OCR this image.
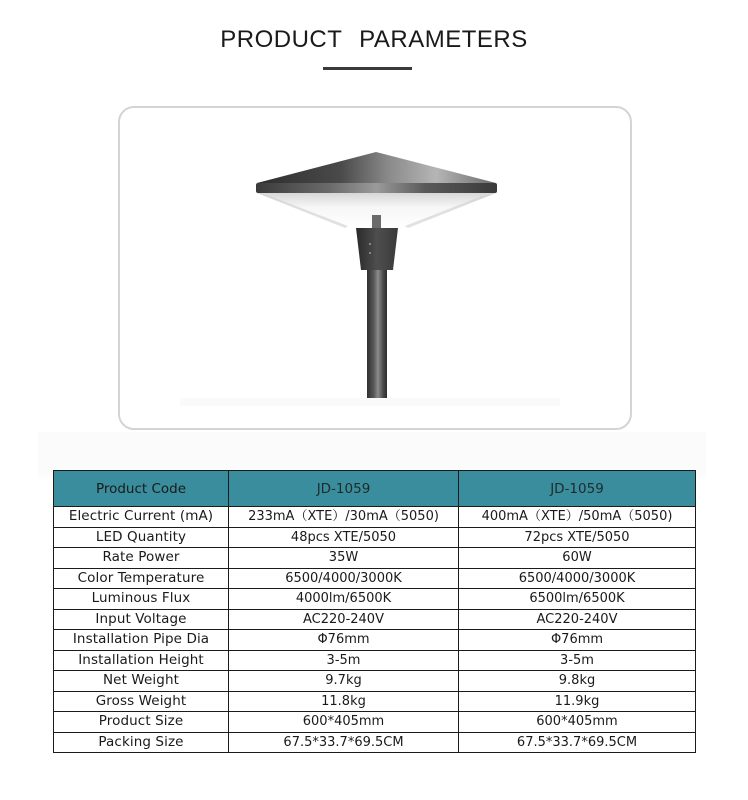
PRODUCT PARAMETERS
Product Code	JD-1059	JD-1059
Electric Current (mA)	233mA（XTE）/30mA（5050)	400mA（XTE）/50mA（5050)
LED Quantity	48pcs XTE/5050	72pcs XTE/5050
Rate Power	35W	60W
Color Temperature	6500/4000/3000K	6500/4000/3000K
Luminous Flux	4000lm/6500K	6500lm/6500K
Input Voltage	AC220-240V	AC220-240V
Installation Pipe Dia	Φ76mm	Φ76mm
Installation Height	3-5m	3-5m
Net Weight	9.7kg	9.8kg
Gross Weight	11.8kg	11.9kg
Product Size	600*405mm	600*405mm
Packing Size	67.5*33.7*69.5CM	67.5*33.7*69.5CM
